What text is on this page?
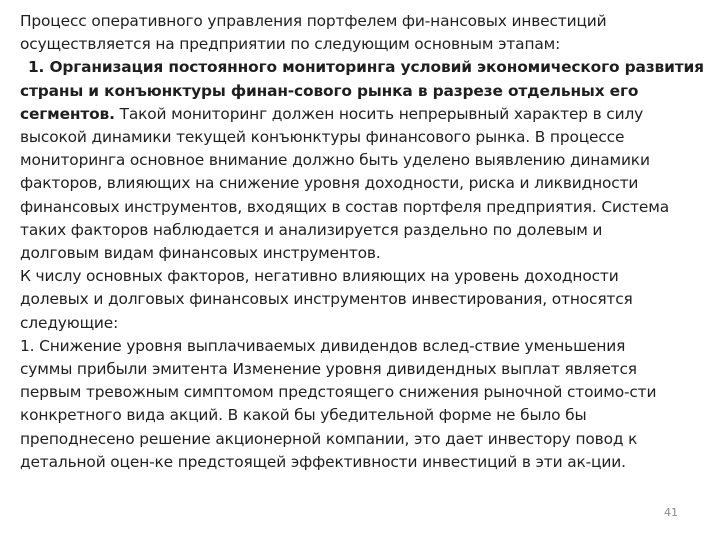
Процесс оперативного управления портфелем фи-нансовых инвестиций
осуществляется на предприятии по следующим основным этапам:
1. Организация постоянного мониторинга условий экономического развития
страны и конъюнктуры финан-сового рынка в разрезе отдельных его
сегментов. Такой мониторинг должен носить непрерывный характер в силу
высокой динамики текущей конъюнктуры финансового рынка. В процессе
мониторинга основное внимание должно быть уделено выявлению динамики
факторов, влияющих на снижение уровня доходности, риска и ликвидности
финансовых инструментов, входящих в состав портфеля предприятия. Система
таких факторов наблюдается и анализируется раздельно по долевым и
долговым видам финансовых инструментов.
К числу основных факторов, негативно влияющих на уровень доходности
долевых и долговых финансовых инструментов инвестирования, относятся
следующие:
1. Снижение уровня выплачиваемых дивидендов вслед-ствие уменьшения
суммы прибыли эмитента Изменение уровня дивидендных выплат является
первым тревожным симптомом предстоящего снижения рыночной стоимо-сти
конкретного вида акций. В какой бы убедительной форме не было бы
преподнесено решение акционерной компании, это дает инвестору повод к
детальной оцен-ке предстоящей эффективности инвестиций в эти ак-ции.
41
